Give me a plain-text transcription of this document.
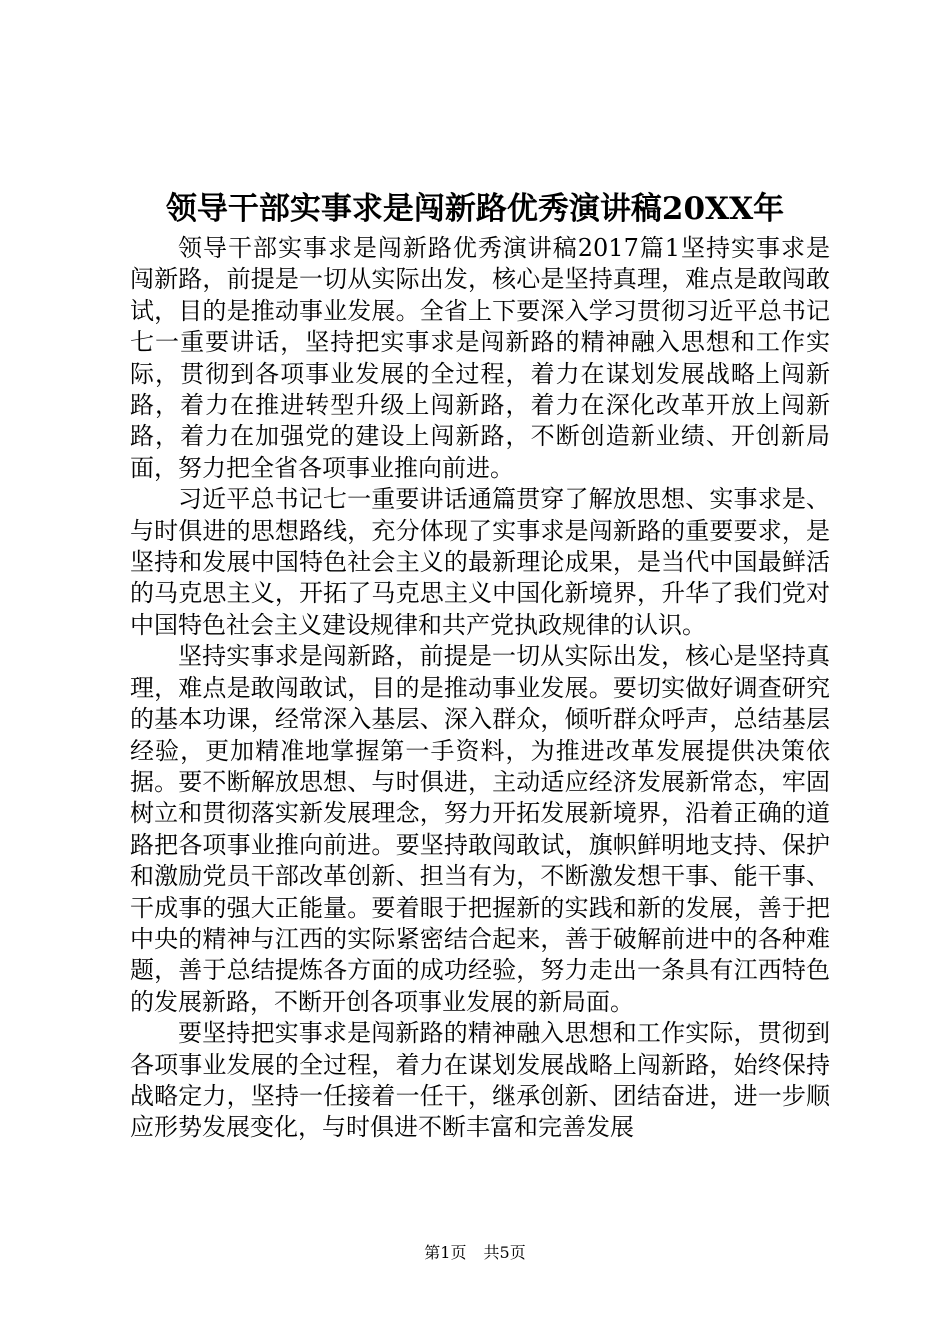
领导干部实事求是闯新路优秀演讲稿20XX年

领导干部实事求是闯新路优秀演讲稿2017篇1坚持实事求是闯新路，前提是一切从实际出发，核心是坚持真理，难点是敢闯敢试，目的是推动事业发展。全省上下要深入学习贯彻习近平总书记七一重要讲话，坚持把实事求是闯新路的精神融入思想和工作实际，贯彻到各项事业发展的全过程，着力在谋划发展战略上闯新路，着力在推进转型升级上闯新路，着力在深化改革开放上闯新路，着力在加强党的建设上闯新路，不断创造新业绩、开创新局面，努力把全省各项事业推向前进。

习近平总书记七一重要讲话通篇贯穿了解放思想、实事求是、与时俱进的思想路线，充分体现了实事求是闯新路的重要要求，是坚持和发展中国特色社会主义的最新理论成果，是当代中国最鲜活的马克思主义，开拓了马克思主义中国化新境界，升华了我们党对中国特色社会主义建设规律和共产党执政规律的认识。

坚持实事求是闯新路，前提是一切从实际出发，核心是坚持真理，难点是敢闯敢试，目的是推动事业发展。要切实做好调查研究的基本功课，经常深入基层、深入群众，倾听群众呼声，总结基层经验，更加精准地掌握第一手资料，为推进改革发展提供决策依据。要不断解放思想、与时俱进，主动适应经济发展新常态，牢固树立和贯彻落实新发展理念，努力开拓发展新境界，沿着正确的道路把各项事业推向前进。要坚持敢闯敢试，旗帜鲜明地支持、保护和激励党员干部改革创新、担当有为，不断激发想干事、能干事、干成事的强大正能量。要着眼于把握新的实践和新的发展，善于把中央的精神与江西的实际紧密结合起来，善于破解前进中的各种难题，善于总结提炼各方面的成功经验，努力走出一条具有江西特色的发展新路，不断开创各项事业发展的新局面。

要坚持把实事求是闯新路的精神融入思想和工作实际，贯彻到各项事业发展的全过程，着力在谋划发展战略上闯新路，始终保持战略定力，坚持一任接着一任干，继承创新、团结奋进，进一步顺应形势发展变化，与时俱进不断丰富和完善发展

第1页 共5页
